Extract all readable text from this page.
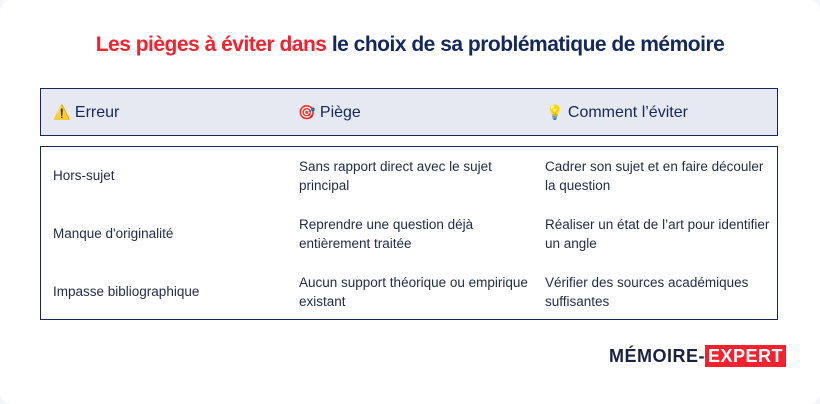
Les pièges à éviter dans le choix de sa problématique de mémoire
⚠️ Erreur	🎯 Piège	💡 Comment l’éviter
Hors-sujet
Sans rapport direct avec le sujet principal
Cadrer son sujet et en faire découler la question
Manque d'originalité
Reprendre une question déjà entièrement traitée
Réaliser un état de l’art pour identifier un angle
Impasse bibliographique
Aucun support théorique ou empirique existant
Vérifier des sources académiques suffisantes
MÉMOIRE- EXPERT
